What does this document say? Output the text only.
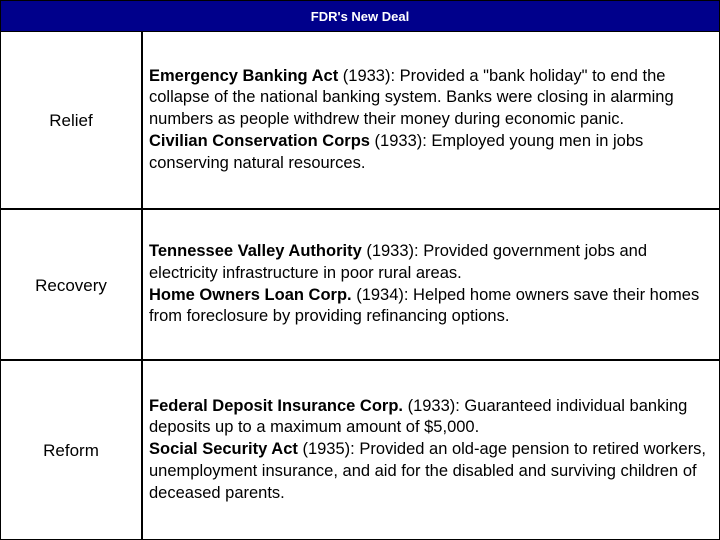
FDR's New Deal
Relief

Emergency Banking Act (1933): Provided a "bank holiday" to end the collapse of the national banking system. Banks were closing in alarming numbers as people withdrew their money during economic panic.

Civilian Conservation Corps (1933): Employed young men in jobs conserving natural resources.

Recovery

Tennessee Valley Authority (1933): Provided government jobs and electricity infrastructure in poor rural areas.

Home Owners Loan Corp. (1934): Helped home owners save their homes from foreclosure by providing refinancing options.

Reform

Federal Deposit Insurance Corp. (1933): Guaranteed individual banking deposits up to a maximum amount of $5,000.

Social Security Act (1935): Provided an old-age pension to retired workers, unemployment insurance, and aid for the disabled and surviving children of deceased parents.
